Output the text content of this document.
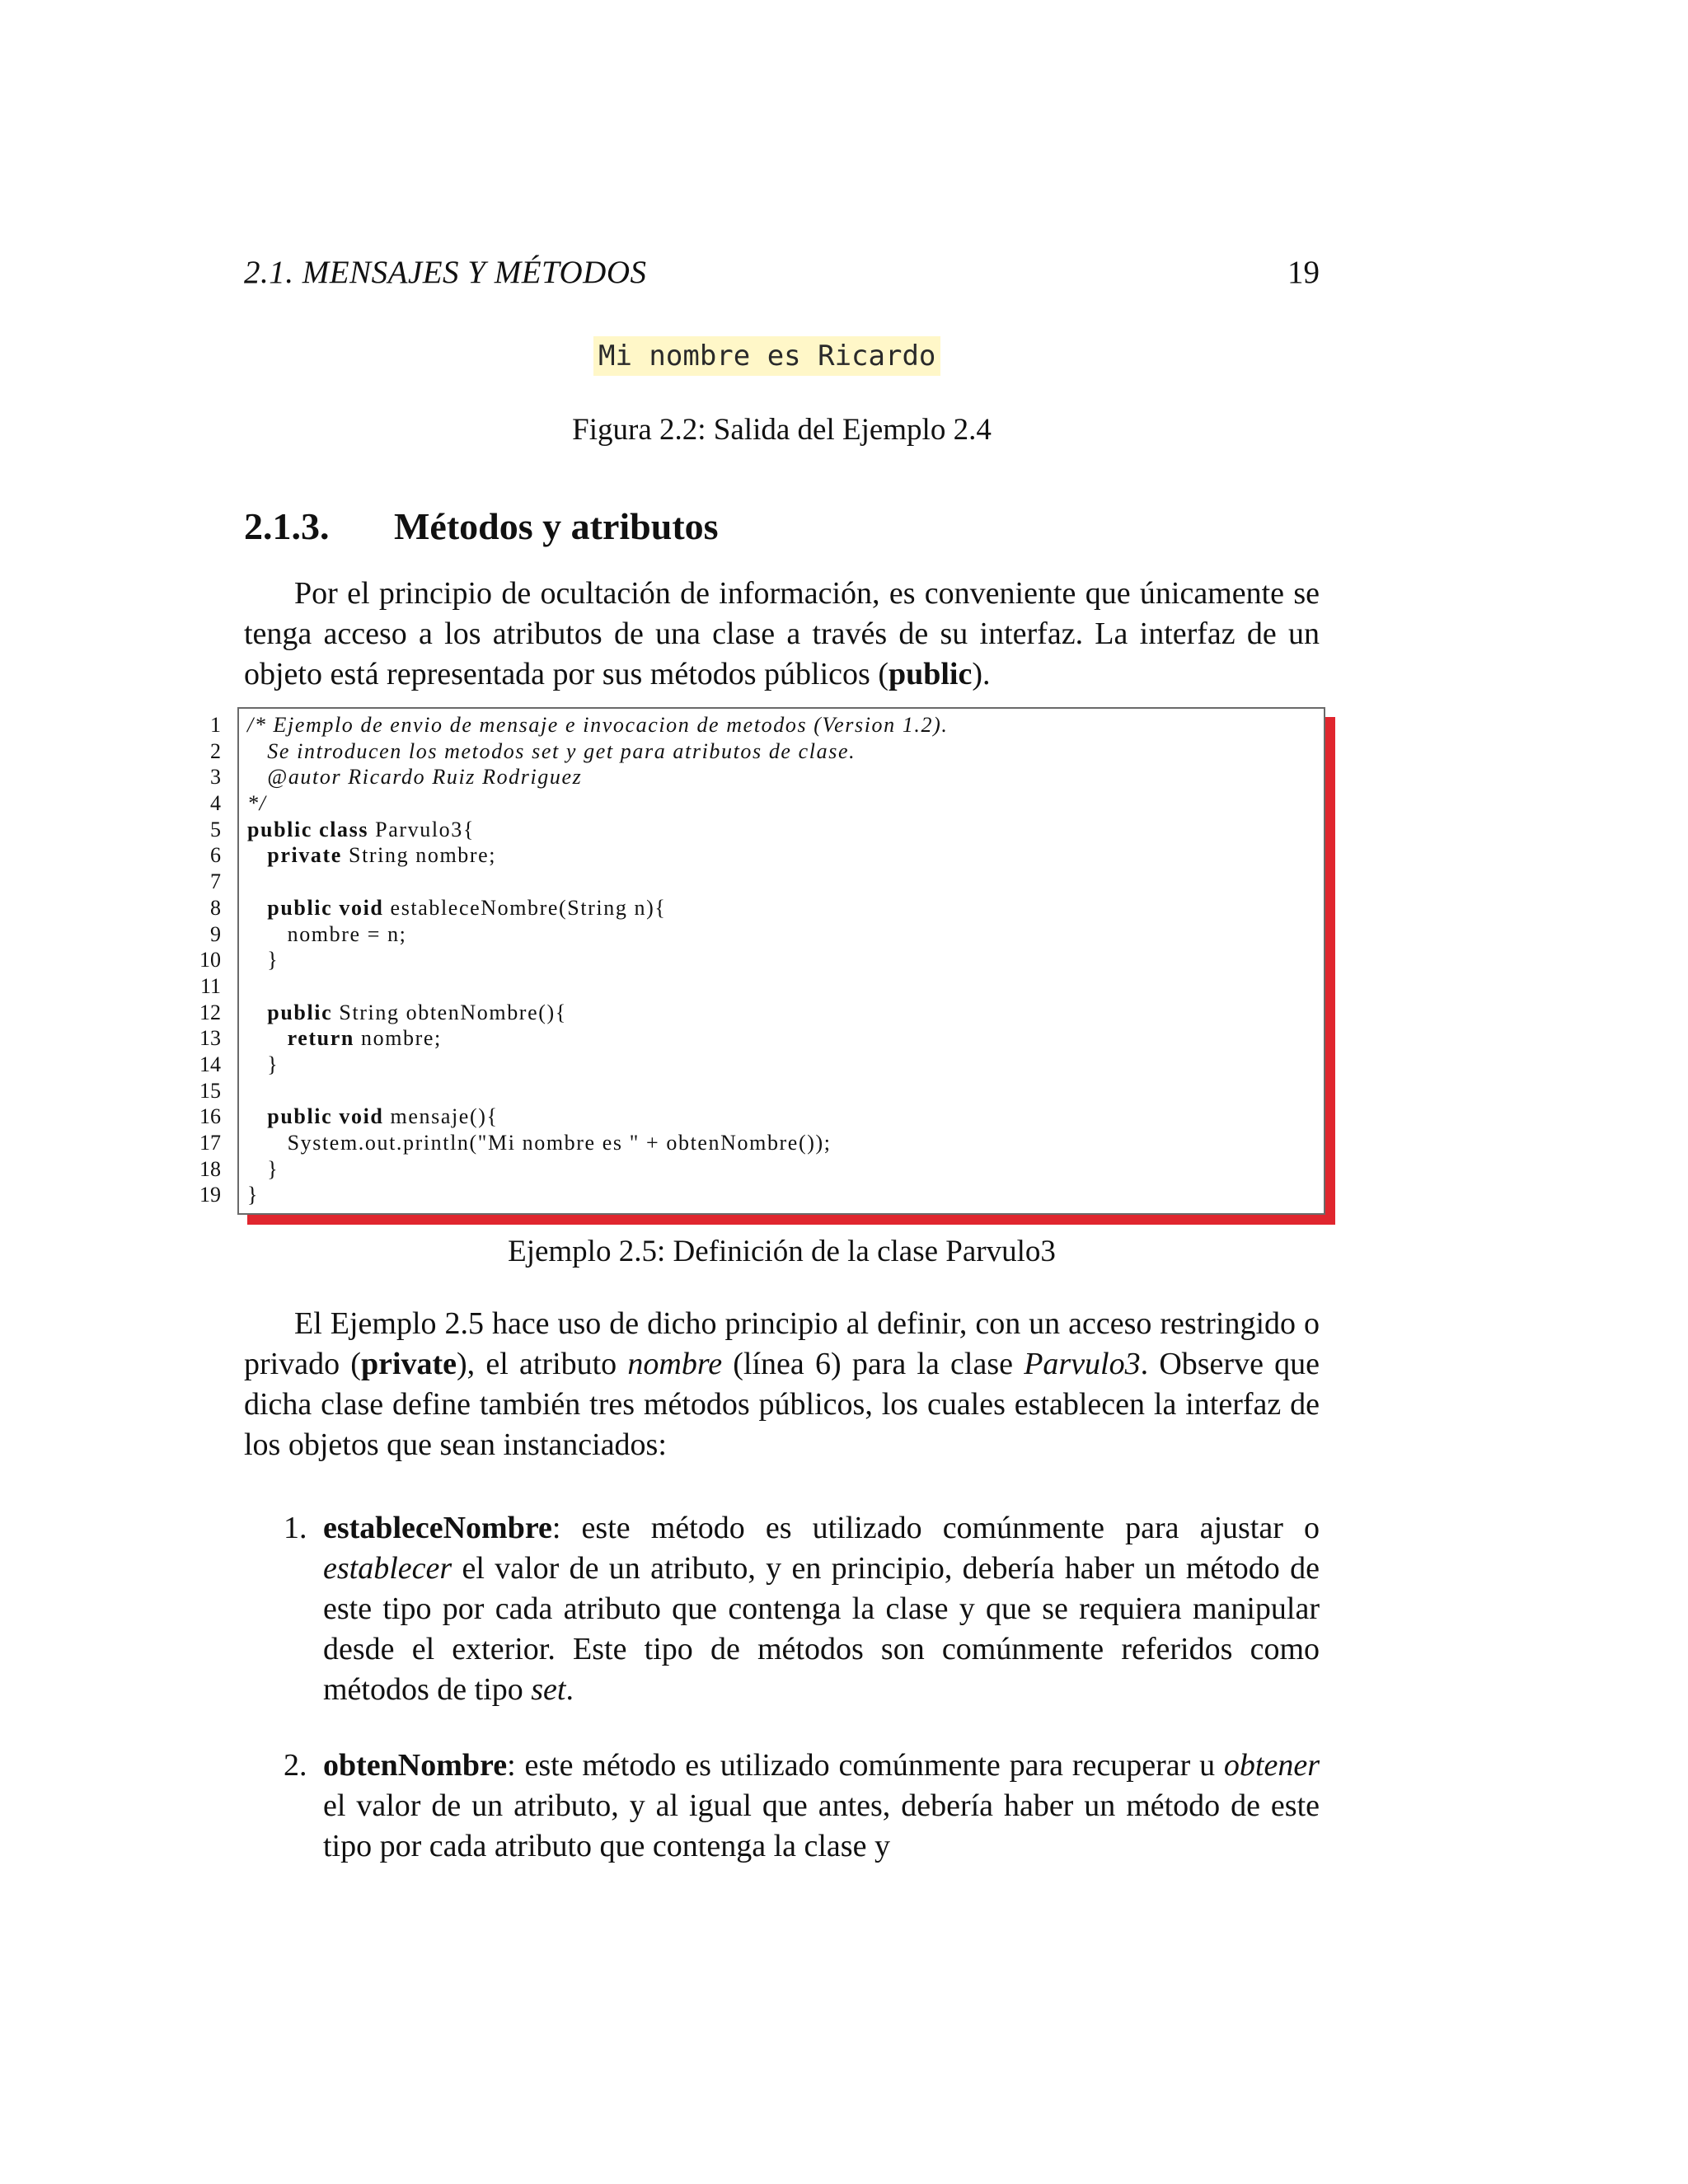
2.1. MENSAJES Y MÉTODOS	19
Mi nombre es Ricardo
Figura 2.2: Salida del Ejemplo 2.4
2.1.3. Métodos y atributos

Por el principio de ocultación de información, es conveniente que únicamente se tenga acceso a los atributos de una clase a través de su interfaz. La interfaz de un objeto está representada por sus métodos públicos (public).

1
2
3
4
5
6
7
8
9
10
11
12
13
14
15
16
17
18
19
/* Ejemplo de envio de mensaje e invocacion de metodos (Version 1.2).
Se introducen los metodos set y get para atributos de clase.
@autor Ricardo Ruiz Rodriguez
*/
public class Parvulo3{
private String nombre;
public void estableceNombre(String n){
nombre = n;
}
public String obtenNombre(){
return nombre;
}
public void mensaje(){
System.out.println("Mi nombre es " + obtenNombre());
}
}
Ejemplo 2.5: Definición de la clase Parvulo3

El Ejemplo 2.5 hace uso de dicho principio al definir, con un acceso restringido o privado (private), el atributo nombre (línea 6) para la clase Parvulo3. Observe que dicha clase define también tres métodos públicos, los cuales establecen la interfaz de los objetos que sean instanciados:

1. estableceNombre: este método es utilizado comúnmente para ajustar o establecer el valor de un atributo, y en principio, debería haber un método de este tipo por cada atributo que contenga la clase y que se requiera manipular desde el exterior. Este tipo de métodos son comúnmente referidos como métodos de tipo set.

2. obtenNombre: este método es utilizado comúnmente para recuperar u obtener el valor de un atributo, y al igual que antes, debería haber un método de este tipo por cada atributo que contenga la clase y
